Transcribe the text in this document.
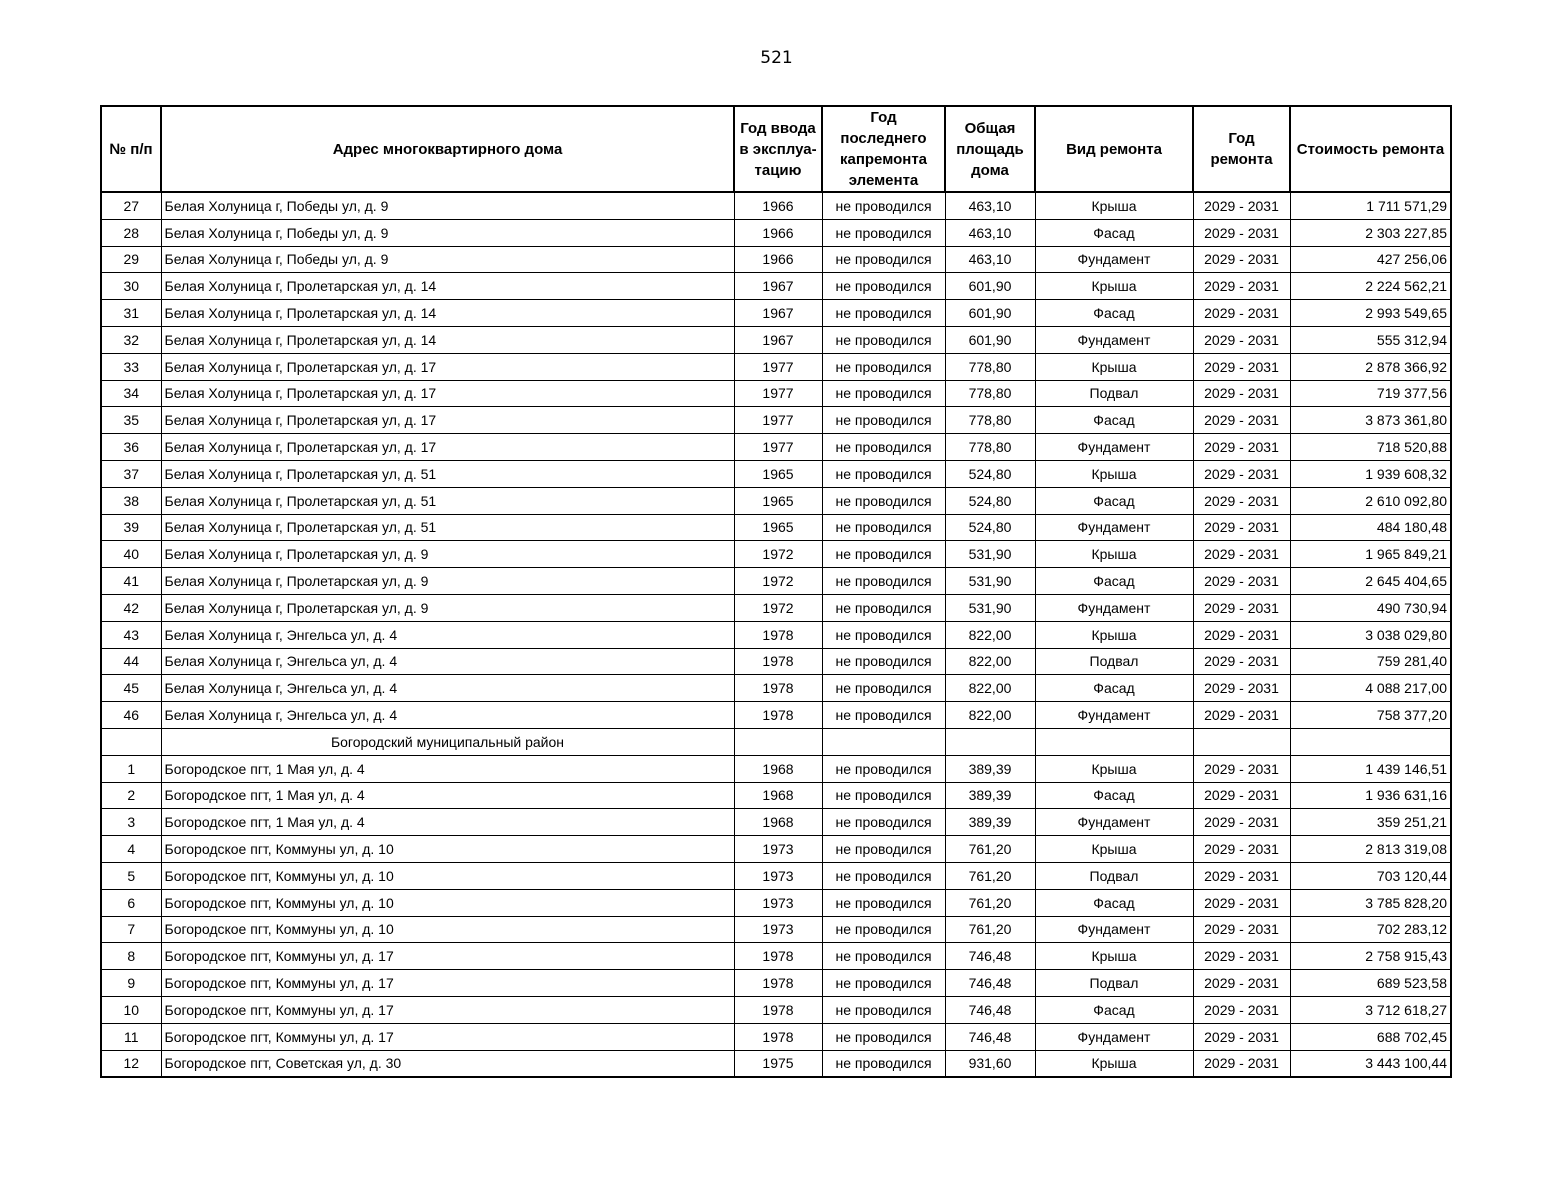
521
№ п/п	Адрес многоквартирного дома	Год ввода в эксплуа-тацию	Год последнего капремонта элемента	Общая площадь дома	Вид ремонта	Год ремонта	Стоимость ремонта
27	Белая Холуница г, Победы ул, д. 9	1966	не проводился	463,10	Крыша	2029 - 2031	1 711 571,29
28	Белая Холуница г, Победы ул, д. 9	1966	не проводился	463,10	Фасад	2029 - 2031	2 303 227,85
29	Белая Холуница г, Победы ул, д. 9	1966	не проводился	463,10	Фундамент	2029 - 2031	427 256,06
30	Белая Холуница г, Пролетарская ул, д. 14	1967	не проводился	601,90	Крыша	2029 - 2031	2 224 562,21
31	Белая Холуница г, Пролетарская ул, д. 14	1967	не проводился	601,90	Фасад	2029 - 2031	2 993 549,65
32	Белая Холуница г, Пролетарская ул, д. 14	1967	не проводился	601,90	Фундамент	2029 - 2031	555 312,94
33	Белая Холуница г, Пролетарская ул, д. 17	1977	не проводился	778,80	Крыша	2029 - 2031	2 878 366,92
34	Белая Холуница г, Пролетарская ул, д. 17	1977	не проводился	778,80	Подвал	2029 - 2031	719 377,56
35	Белая Холуница г, Пролетарская ул, д. 17	1977	не проводился	778,80	Фасад	2029 - 2031	3 873 361,80
36	Белая Холуница г, Пролетарская ул, д. 17	1977	не проводился	778,80	Фундамент	2029 - 2031	718 520,88
37	Белая Холуница г, Пролетарская ул, д. 51	1965	не проводился	524,80	Крыша	2029 - 2031	1 939 608,32
38	Белая Холуница г, Пролетарская ул, д. 51	1965	не проводился	524,80	Фасад	2029 - 2031	2 610 092,80
39	Белая Холуница г, Пролетарская ул, д. 51	1965	не проводился	524,80	Фундамент	2029 - 2031	484 180,48
40	Белая Холуница г, Пролетарская ул, д. 9	1972	не проводился	531,90	Крыша	2029 - 2031	1 965 849,21
41	Белая Холуница г, Пролетарская ул, д. 9	1972	не проводился	531,90	Фасад	2029 - 2031	2 645 404,65
42	Белая Холуница г, Пролетарская ул, д. 9	1972	не проводился	531,90	Фундамент	2029 - 2031	490 730,94
43	Белая Холуница г, Энгельса ул, д. 4	1978	не проводился	822,00	Крыша	2029 - 2031	3 038 029,80
44	Белая Холуница г, Энгельса ул, д. 4	1978	не проводился	822,00	Подвал	2029 - 2031	759 281,40
45	Белая Холуница г, Энгельса ул, д. 4	1978	не проводился	822,00	Фасад	2029 - 2031	4 088 217,00
46	Белая Холуница г, Энгельса ул, д. 4	1978	не проводился	822,00	Фундамент	2029 - 2031	758 377,20
	Богородский муниципальный район						
1	Богородское пгт, 1 Мая ул, д. 4	1968	не проводился	389,39	Крыша	2029 - 2031	1 439 146,51
2	Богородское пгт, 1 Мая ул, д. 4	1968	не проводился	389,39	Фасад	2029 - 2031	1 936 631,16
3	Богородское пгт, 1 Мая ул, д. 4	1968	не проводился	389,39	Фундамент	2029 - 2031	359 251,21
4	Богородское пгт, Коммуны ул, д. 10	1973	не проводился	761,20	Крыша	2029 - 2031	2 813 319,08
5	Богородское пгт, Коммуны ул, д. 10	1973	не проводился	761,20	Подвал	2029 - 2031	703 120,44
6	Богородское пгт, Коммуны ул, д. 10	1973	не проводился	761,20	Фасад	2029 - 2031	3 785 828,20
7	Богородское пгт, Коммуны ул, д. 10	1973	не проводился	761,20	Фундамент	2029 - 2031	702 283,12
8	Богородское пгт, Коммуны ул, д. 17	1978	не проводился	746,48	Крыша	2029 - 2031	2 758 915,43
9	Богородское пгт, Коммуны ул, д. 17	1978	не проводился	746,48	Подвал	2029 - 2031	689 523,58
10	Богородское пгт, Коммуны ул, д. 17	1978	не проводился	746,48	Фасад	2029 - 2031	3 712 618,27
11	Богородское пгт, Коммуны ул, д. 17	1978	не проводился	746,48	Фундамент	2029 - 2031	688 702,45
12	Богородское пгт, Советская ул, д. 30	1975	не проводился	931,60	Крыша	2029 - 2031	3 443 100,44
